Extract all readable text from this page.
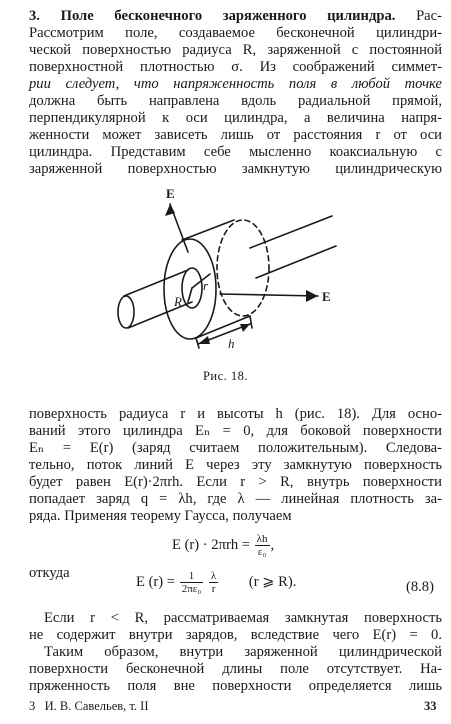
3. Поле бесконечного заряженного цилиндра. Рас-
Рассмотрим поле, создаваемое бесконечной цилиндри-
ческой поверхностью радиуса R, заряженной с постоянной
поверхностной плотностью σ. Из соображений симмет-
рии следует, что напряженность поля в любой точке
должна быть направлена вдоль радиальной прямой,
перпендикулярной к оси цилиндра, а величина напря-
женности может зависеть лишь от расстояния r от оси
цилиндра. Представим себе мысленно коаксиальную с
заряженной поверхностью замкнутую цилиндрическую
E
E
R
r
h
Рис. 18.
поверхность радиуса r и высоты h (рис. 18). Для осно-
ваний этого цилиндра Eₙ = 0, для боковой поверхности
Eₙ = E(r) (заряд считаем положительным). Следова-
тельно, поток линий E через эту замкнутую поверхность
будет равен E(r)·2πrh. Если r > R, внутрь поверхности
попадает заряд q = λh, где λ — линейная плотность за-
ряда. Применяя теорему Гаусса, получаем
E $(r) \cdot 2\pi rh = \frac{\lambda h}{\text{ε₀}}$ ,
откуда
E $(r) = \frac{1}{\text{2πε₀}}$
$\frac{\lambda}{r} (r$ ⩾ R).	(8.8)
Если r < R, рассматриваемая замкнутая поверхность
не содержит внутри зарядов, вследствие чего E(r) = 0.
Таким образом, внутри заряженной цилиндрической
поверхности бесконечной длины поле отсутствует. На-
пряженность поля вне поверхности определяется лишь
3   И. В. Савельев, т. II	33
